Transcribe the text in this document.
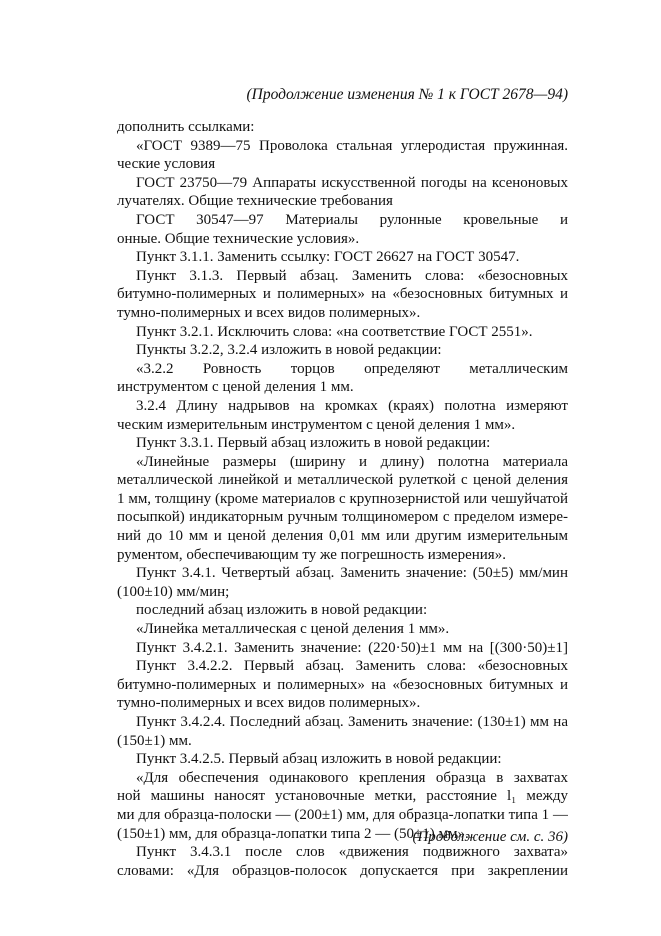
(Продолжение изменения № 1 к ГОСТ 2678—94)
дополнить ссылками:
«ГОСТ 9389—75 Проволока стальная углеродистая пружинная.
ческие условия
ГОСТ 23750—79 Аппараты искусственной погоды на ксеноновых
лучателях. Общие технические требования
ГОСТ 30547—97 Материалы рулонные кровельные и
онные. Общие технические условия».
Пункт 3.1.1. Заменить ссылку: ГОСТ 26627 на ГОСТ 30547.
Пункт 3.1.3. Первый абзац. Заменить слова: «безосновных
битумно-полимерных и полимерных» на «безосновных битумных и
тумно-полимерных и всех видов полимерных».
Пункт 3.2.1. Исключить слова: «на соответствие ГОСТ 2551».
Пункты 3.2.2, 3.2.4 изложить в новой редакции:
«3.2.2 Ровность торцов определяют металлическим
инструментом с ценой деления 1 мм.
3.2.4 Длину надрывов на кромках (краях) полотна измеряют
ческим измерительным инструментом с ценой деления 1 мм».
Пункт 3.3.1. Первый абзац изложить в новой редакции:
«Линейные размеры (ширину и длину) полотна материала
металлической линейкой и металлической рулеткой с ценой деления
1 мм, толщину (кроме материалов с крупнозернистой или чешуйчатой
посыпкой) индикаторным ручным толщиномером с пределом измере-
ний до 10 мм и ценой деления 0,01 мм или другим измерительным
рументом, обеспечивающим ту же погрешность измерения».
Пункт 3.4.1. Четвертый абзац. Заменить значение: (50±5) мм/мин
(100±10) мм/мин;
последний абзац изложить в новой редакции:
«Линейка металлическая с ценой деления 1 мм».
Пункт 3.4.2.1. Заменить значение: (220·50)±1 мм на [(300·50)±1]
Пункт 3.4.2.2. Первый абзац. Заменить слова: «безосновных
битумно-полимерных и полимерных» на «безосновных битумных и
тумно-полимерных и всех видов полимерных».
Пункт 3.4.2.4. Последний абзац. Заменить значение: (130±1) мм на
(150±1) мм.
Пункт 3.4.2.5. Первый абзац изложить в новой редакции:
«Для обеспечения одинакового крепления образца в захватах
ной машины наносят установочные метки, расстояние l₁ между
ми для образца-полоски — (200±1) мм, для образца-лопатки типа 1 —
(150±1) мм, для образца-лопатки типа 2 — (50±1) мм».
Пункт 3.4.3.1 после слов «движения подвижного захвата»
словами: «Для образцов-полосок допускается при закреплении
(Продолжение см. с. 36)
